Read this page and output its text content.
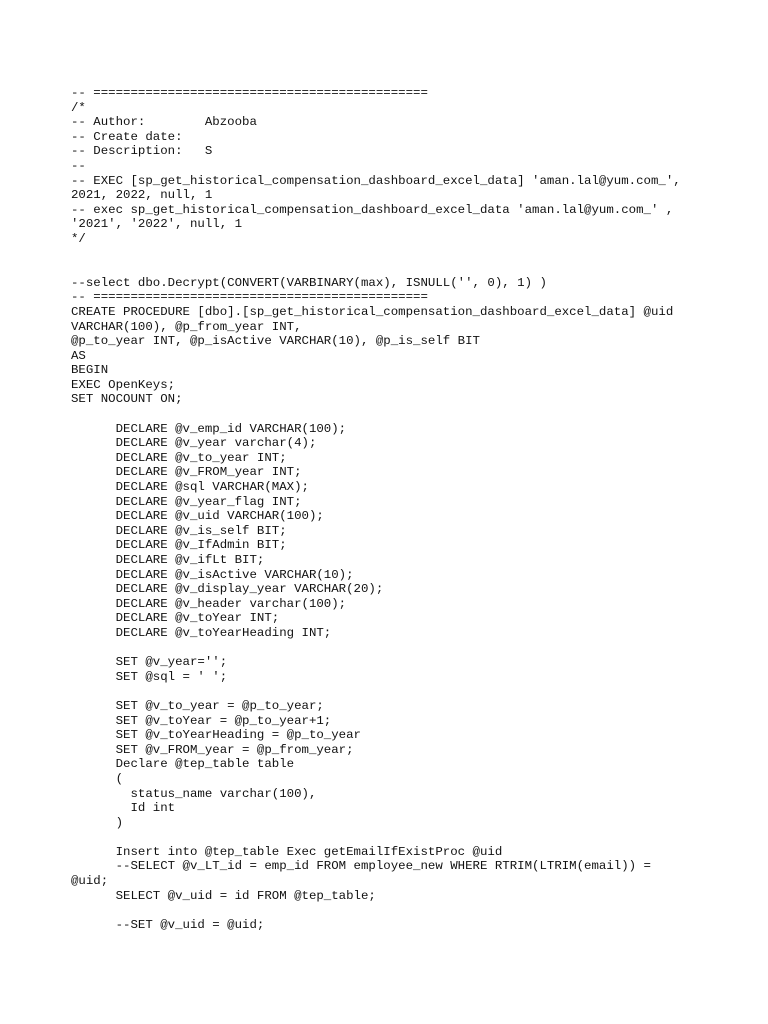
-- =============================================
/*
-- Author:        Abzooba
-- Create date:
-- Description:   S
--
-- EXEC [sp_get_historical_compensation_dashboard_excel_data] 'aman.lal@yum.com_',
2021, 2022, null, 1
-- exec sp_get_historical_compensation_dashboard_excel_data 'aman.lal@yum.com_' ,
'2021', '2022', null, 1
*/
--select dbo.Decrypt(CONVERT(VARBINARY(max), ISNULL('', 0), 1) )
-- =============================================
CREATE PROCEDURE [dbo].[sp_get_historical_compensation_dashboard_excel_data] @uid
VARCHAR(100), @p_from_year INT,
@p_to_year INT, @p_isActive VARCHAR(10), @p_is_self BIT
AS
BEGIN
EXEC OpenKeys;
SET NOCOUNT ON;
DECLARE @v_emp_id VARCHAR(100);
DECLARE @v_year varchar(4);
DECLARE @v_to_year INT;
DECLARE @v_FROM_year INT;
DECLARE @sql VARCHAR(MAX);
DECLARE @v_year_flag INT;
DECLARE @v_uid VARCHAR(100);
DECLARE @v_is_self BIT;
DECLARE @v_IfAdmin BIT;
DECLARE @v_ifLt BIT;
DECLARE @v_isActive VARCHAR(10);
DECLARE @v_display_year VARCHAR(20);
DECLARE @v_header varchar(100);
DECLARE @v_toYear INT;
DECLARE @v_toYearHeading INT;
SET @v_year='';
SET @sql = ' ';
SET @v_to_year = @p_to_year;
SET @v_toYear = @p_to_year+1;
SET @v_toYearHeading = @p_to_year
SET @v_FROM_year = @p_from_year;
Declare @tep_table table
(
status_name varchar(100),
Id int
)
Insert into @tep_table Exec getEmailIfExistProc @uid
--SELECT @v_LT_id = emp_id FROM employee_new WHERE RTRIM(LTRIM(email)) =
@uid;
SELECT @v_uid = id FROM @tep_table;
--SET @v_uid = @uid;
